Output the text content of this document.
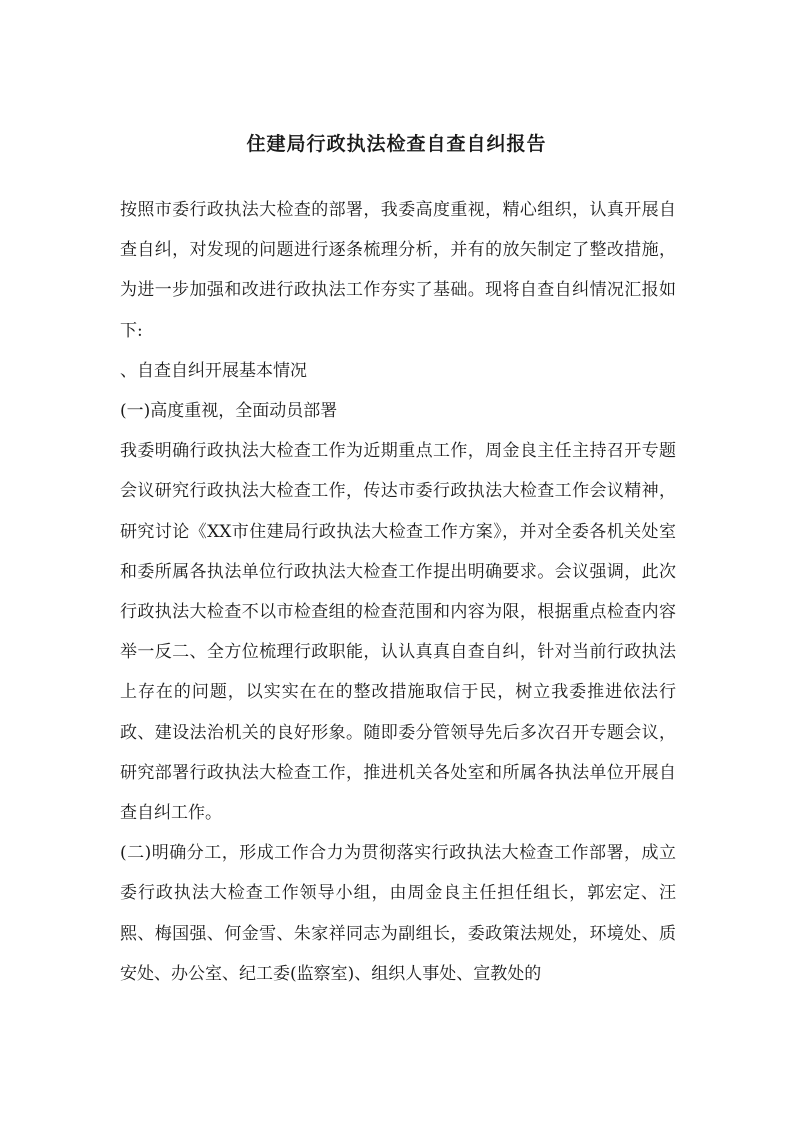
住建局行政执法检查自查自纠报告

按照市委行政执法大检查的部署，我委高度重视，精心组织，认真开展自查自纠，对发现的问题进行逐条梳理分析，并有的放矢制定了整改措施，为进一步加强和改进行政执法工作夯实了基础。现将自查自纠情况汇报如下:

、自查自纠开展基本情况

(一)高度重视，全面动员部署

我委明确行政执法大检查工作为近期重点工作，周金良主任主持召开专题会议研究行政执法大检查工作，传达市委行政执法大检查工作会议精神，研究讨论《XX市住建局行政执法大检查工作方案》，并对全委各机关处室和委所属各执法单位行政执法大检查工作提出明确要求。会议强调，此次行政执法大检查不以市检查组的检查范围和内容为限，根据重点检查内容举一反二、全方位梳理行政职能，认认真真自查自纠，针对当前行政执法上存在的问题，以实实在在的整改措施取信于民，树立我委推进依法行政、建设法治机关的良好形象。随即委分管领导先后多次召开专题会议，研究部署行政执法大检查工作，推进机关各处室和所属各执法单位开展自查自纠工作。

(二)明确分工，形成工作合力为贯彻落实行政执法大检查工作部署，成立委行政执法大检查工作领导小组，由周金良主任担任组长，郭宏定、汪熙、梅国强、何金雪、朱家祥同志为副组长，委政策法规处，环境处、质安处、办公室、纪工委(监察室)、组织人事处、宣教处的
